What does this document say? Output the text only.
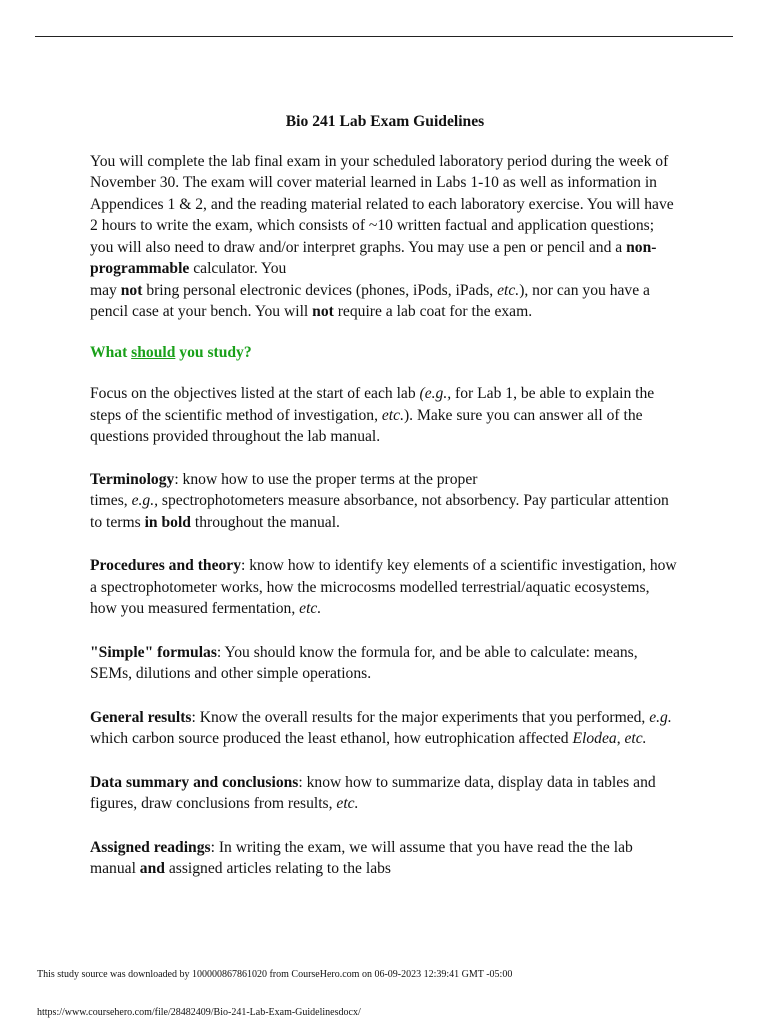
Bio 241 Lab Exam Guidelines

You will complete the lab final exam in your scheduled laboratory period during the week of November 30. The exam will cover material learned in Labs 1-10 as well as information in Appendices 1 & 2, and the reading material related to each laboratory exercise. You will have 2 hours to write the exam, which consists of ~10 written factual and application questions; you will also need to draw and/or interpret graphs. You may use a pen or pencil and a non-programmable calculator. You
may not bring personal electronic devices (phones, iPods, iPads, etc.), nor can you have a pencil case at your bench. You will not require a lab coat for the exam.

What should you study?

Focus on the objectives listed at the start of each lab (e.g., for Lab 1, be able to explain the steps of the scientific method of investigation, etc.). Make sure you can answer all of the questions provided throughout the lab manual.

Terminology: know how to use the proper terms at the proper
times, e.g., spectrophotometers measure absorbance, not absorbency. Pay particular attention to terms in bold throughout the manual.

Procedures and theory: know how to identify key elements of a scientific investigation, how a spectrophotometer works, how the microcosms modelled terrestrial/aquatic ecosystems, how you measured fermentation, etc.

"Simple" formulas: You should know the formula for, and be able to calculate: means, SEMs, dilutions and other simple operations.

General results: Know the overall results for the major experiments that you performed, e.g. which carbon source produced the least ethanol, how eutrophication affected Elodea, etc.

Data summary and conclusions: know how to summarize data, display data in tables and figures, draw conclusions from results, etc.

Assigned readings: In writing the exam, we will assume that you have read the the lab manual and assigned articles relating to the labs

This study source was downloaded by 100000867861020 from CourseHero.com on 06-09-2023 12:39:41 GMT -05:00
https://www.coursehero.com/file/28482409/Bio-241-Lab-Exam-Guidelinesdocx/
